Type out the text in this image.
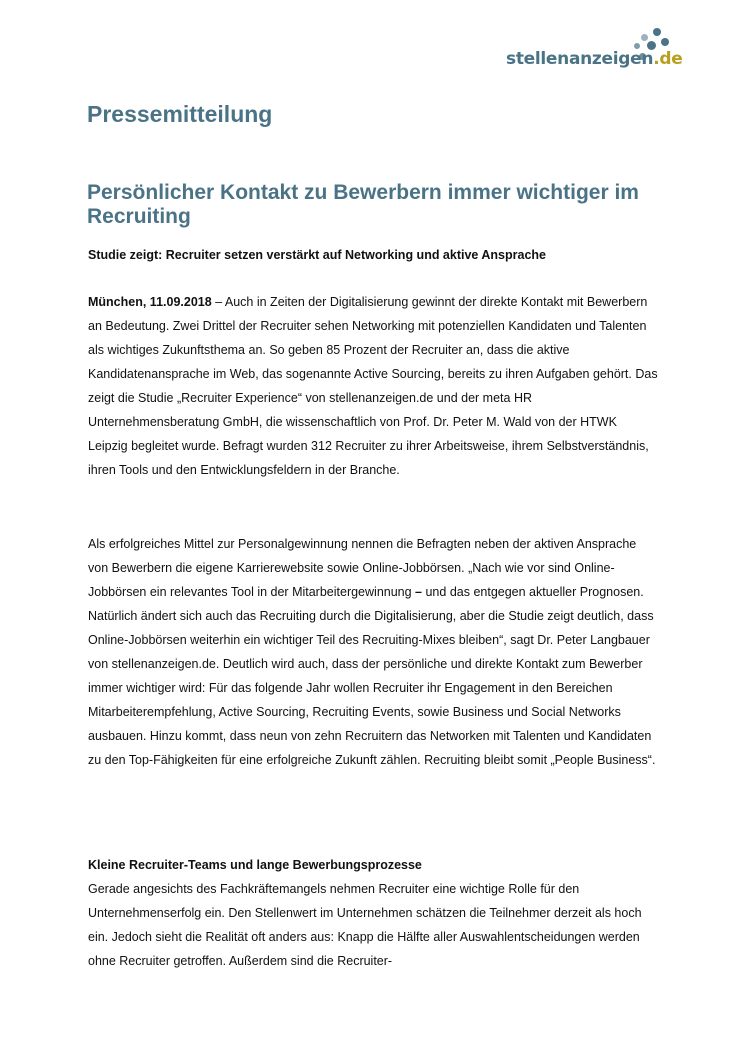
stellenanzeigen.de
Pressemitteilung
Persönlicher Kontakt zu Bewerbern immer wichtiger im Recruiting
Studie zeigt: Recruiter setzen verstärkt auf Networking und aktive Ansprache

München, 11.09.2018 – Auch in Zeiten der Digitalisierung gewinnt der direkte Kontakt mit Bewerbern an Bedeutung. Zwei Drittel der Recruiter sehen Networking mit potenziellen Kandidaten und Talenten als wichtiges Zukunftsthema an. So geben 85 Prozent der Recruiter an, dass die aktive Kandidatenansprache im Web, das sogenannte Active Sourcing, bereits zu ihren Aufgaben gehört. Das zeigt die Studie „Recruiter Experience“ von stellenanzeigen.de und der meta HR Unternehmensberatung GmbH, die wissenschaftlich von Prof. Dr. Peter M. Wald von der HTWK Leipzig begleitet wurde. Befragt wurden 312 Recruiter zu ihrer Arbeitsweise, ihrem Selbstverständnis, ihren Tools und den Entwicklungsfeldern in der Branche.

Als erfolgreiches Mittel zur Personalgewinnung nennen die Befragten neben der aktiven Ansprache von Bewerbern die eigene Karrierewebsite sowie Online-Jobbörsen. „Nach wie vor sind Online-Jobbörsen ein relevantes Tool in der Mitarbeitergewinnung – und das entgegen aktueller Prognosen. Natürlich ändert sich auch das Recruiting durch die Digitalisierung, aber die Studie zeigt deutlich, dass Online-Jobbörsen weiterhin ein wichtiger Teil des Recruiting-Mixes bleiben“, sagt Dr. Peter Langbauer von stellenanzeigen.de. Deutlich wird auch, dass der persönliche und direkte Kontakt zum Bewerber immer wichtiger wird: Für das folgende Jahr wollen Recruiter ihr Engagement in den Bereichen Mitarbeiterempfehlung, Active Sourcing, Recruiting Events, sowie Business und Social Networks ausbauen. Hinzu kommt, dass neun von zehn Recruitern das Networken mit Talenten und Kandidaten zu den Top-Fähigkeiten für eine erfolgreiche Zukunft zählen. Recruiting bleibt somit „People Business“.

Kleine Recruiter-Teams und lange Bewerbungsprozesse

Gerade angesichts des Fachkräftemangels nehmen Recruiter eine wichtige Rolle für den Unternehmenserfolg ein. Den Stellenwert im Unternehmen schätzen die Teilnehmer derzeit als hoch ein. Jedoch sieht die Realität oft anders aus: Knapp die Hälfte aller Auswahlentscheidungen werden ohne Recruiter getroffen. Außerdem sind die Recruiter-
